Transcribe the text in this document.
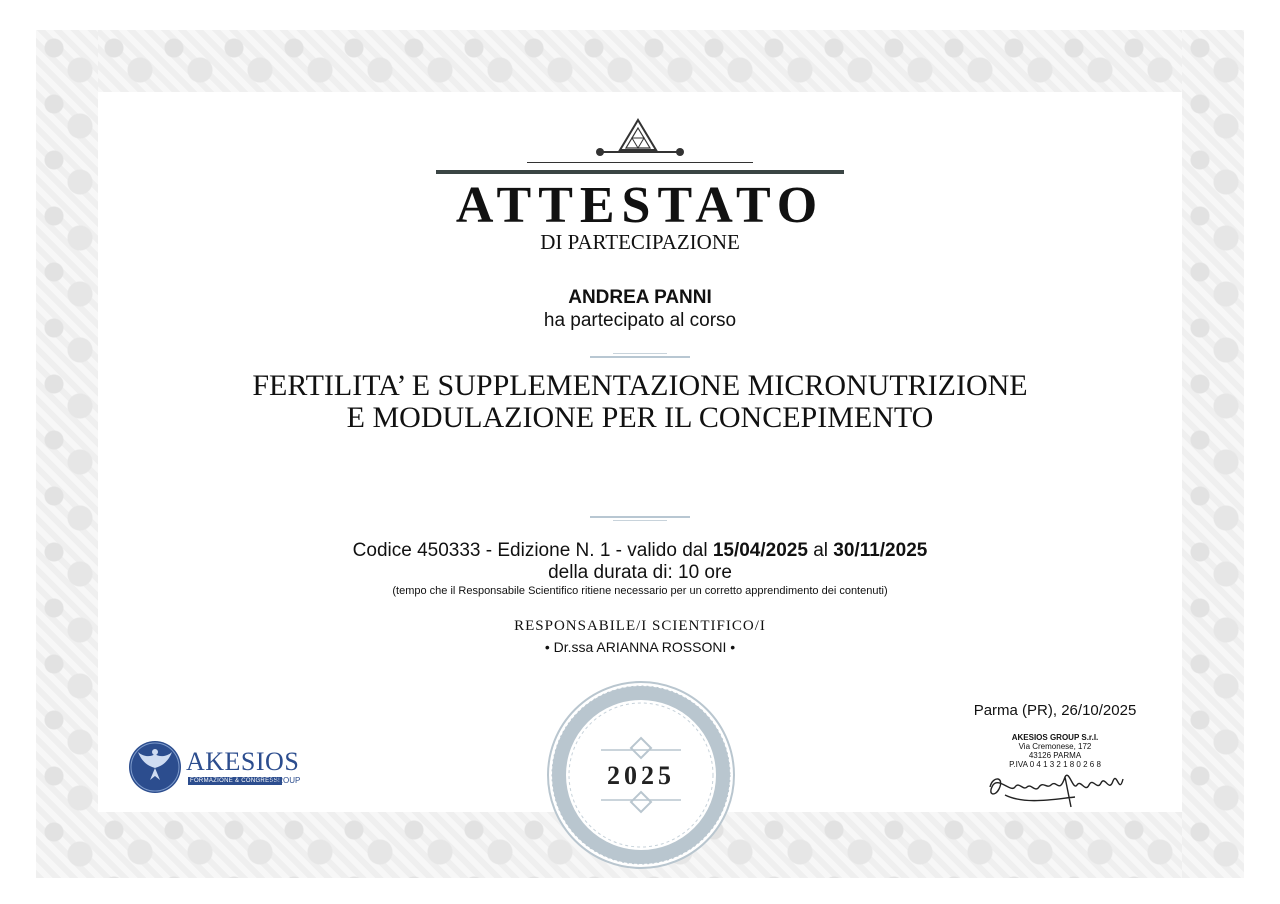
ATTESTATO
DI PARTECIPAZIONE
ANDREA PANNI
ha partecipato al corso
FERTILITA’ E SUPPLEMENTAZIONE MICRONUTRIZIONE
E MODULAZIONE PER IL CONCEPIMENTO
Codice 450333 - Edizione N. 1 - valido dal 15/04/2025 al 30/11/2025
della durata di: 10 ore
(tempo che il Responsabile Scientifico ritiene necessario per un corretto apprendimento dei contenuti)
RESPONSABILE/I SCIENTIFICO/I
• Dr.ssa ARIANNA ROSSONI •
2025
Parma (PR), 26/10/2025
AKESIOS GROUP S.r.l.
Via Cremonese, 172
43126 PARMA
P.IVA 0 4 1 3 2 1 8 0 2 6 8
AKESIOS
FORMAZIONE & CONGRESSI
GROUP
